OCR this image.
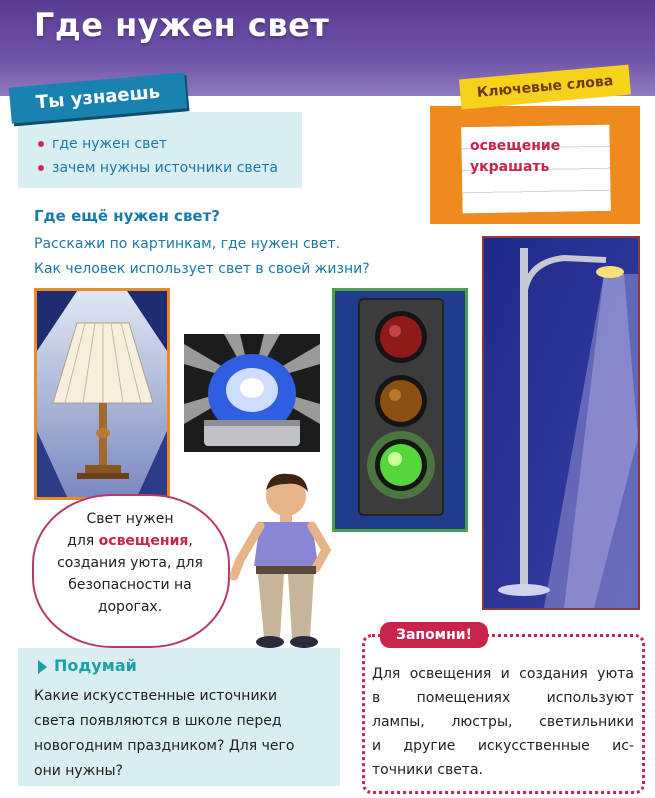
Где нужен свет
Ты узнаешь
где нужен свет
зачем нужны источники света
Ключевые слова
освещение
украшать
Где ещё нужен свет?
Расскажи по картинкам, где нужен свет.
Как человек использует свет в своей жизни?
Свет нужен
для освещения,
создания уюта, для
безопасности на
дорогах.
Подумай
Какие искусственные источники
света появляются в школе перед
новогодним праздником? Для чего
они нужны?
Запомни!
Для освещения и создания уюта
в помещениях используют
лампы, люстры, светильники
и другие искусственные ис-
точники света.
